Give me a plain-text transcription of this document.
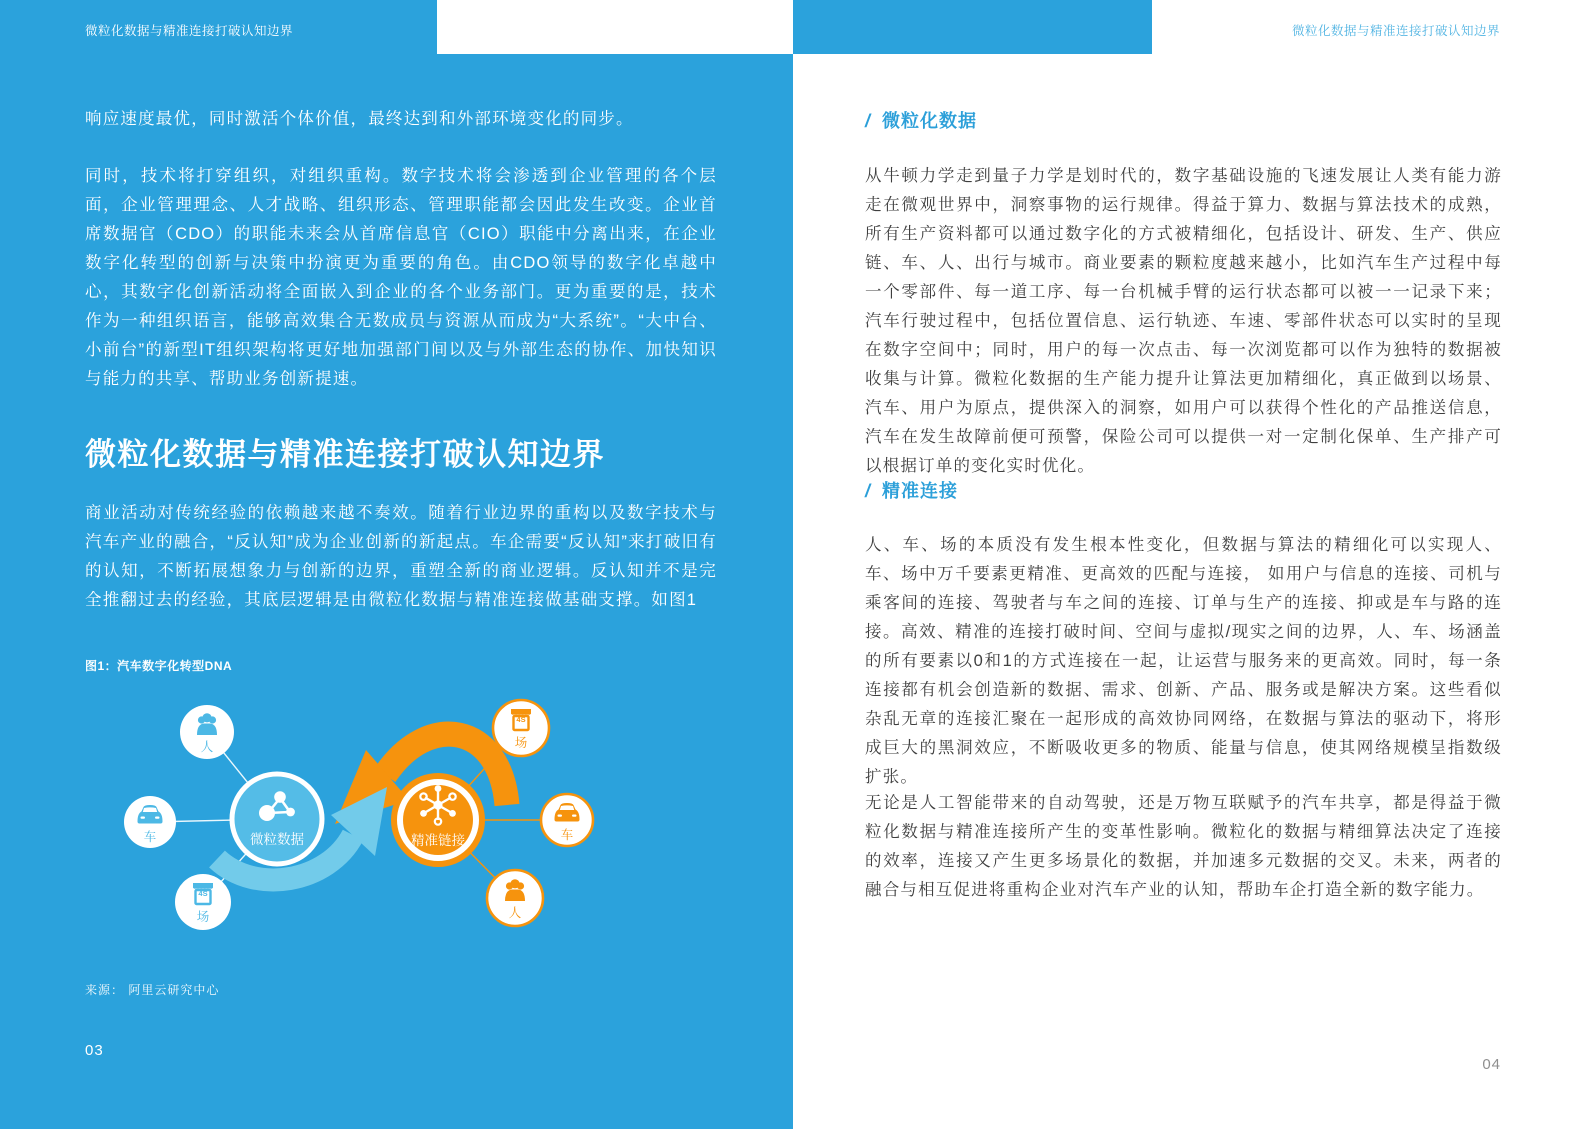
微粒化数据与精准连接打破认知边界	微粒化数据与精准连接打破认知边界

响应速度最优，同时激活个体价值，最终达到和外部环境变化的同步。

同时，技术将打穿组织，对组织重构。数字技术将会渗透到企业管理的各个层面，企业管理理念、人才战略、组织形态、管理职能都会因此发生改变。企业首席数据官（CDO）的职能未来会从首席信息官（CIO）职能中分离出来，在企业数字化转型的创新与决策中扮演更为重要的角色。由CDO领导的数字化卓越中心，其数字化创新活动将全面嵌入到企业的各个业务部门。更为重要的是，技术作为一种组织语言，能够高效集合无数成员与资源从而成为“大系统”。“大中台、小前台”的新型IT组织架构将更好地加强部门间以及与外部生态的协作、加快知识与能力的共享、帮助业务创新提速。

微粒化数据与精准连接打破认知边界

商业活动对传统经验的依赖越来越不奏效。随着行业边界的重构以及数字技术与汽车产业的融合，“反认知”成为企业创新的新起点。车企需要“反认知”来打破旧有的认知，不断拓展想象力与创新的边界，重塑全新的商业逻辑。反认知并不是完全推翻过去的经验，其底层逻辑是由微粒化数据与精准连接做基础支撑。如图1

图1：汽车数字化转型DNA
来源： 阿里云研究中心
03
人
车
4S
场
4S
场
车
人
微粒数据	精准链接
/ 微粒化数据

从牛顿力学走到量子力学是划时代的，数字基础设施的飞速发展让人类有能力游走在微观世界中，洞察事物的运行规律。得益于算力、数据与算法技术的成熟，所有生产资料都可以通过数字化的方式被精细化，包括设计、研发、生产、供应链、车、人、出行与城市。商业要素的颗粒度越来越小，比如汽车生产过程中每一个零部件、每一道工序、每一台机械手臂的运行状态都可以被一一记录下来；汽车行驶过程中，包括位置信息、运行轨迹、车速、零部件状态可以实时的呈现在数字空间中；同时，用户的每一次点击、每一次浏览都可以作为独特的数据被收集与计算。微粒化数据的生产能力提升让算法更加精细化，真正做到以场景、汽车、用户为原点，提供深入的洞察，如用户可以获得个性化的产品推送信息，汽车在发生故障前便可预警，保险公司可以提供一对一定制化保单、生产排产可以根据订单的变化实时优化。

/ 精准连接

人、车、场的本质没有发生根本性变化，但数据与算法的精细化可以实现人、车、场中万千要素更精准、更高效的匹配与连接， 如用户与信息的连接、司机与乘客间的连接、驾驶者与车之间的连接、订单与生产的连接、抑或是车与路的连接。高效、精准的连接打破时间、空间与虚拟/现实之间的边界，人、车、场涵盖的所有要素以0和1的方式连接在一起，让运营与服务来的更高效。同时，每一条连接都有机会创造新的数据、需求、创新、产品、服务或是解决方案。这些看似杂乱无章的连接汇聚在一起形成的高效协同网络，在数据与算法的驱动下，将形成巨大的黑洞效应，不断吸收更多的物质、能量与信息，使其网络规模呈指数级扩张。

无论是人工智能带来的自动驾驶，还是万物互联赋予的汽车共享，都是得益于微粒化数据与精准连接所产生的变革性影响。微粒化的数据与精细算法决定了连接的效率，连接又产生更多场景化的数据，并加速多元数据的交叉。未来，两者的融合与相互促进将重构企业对汽车产业的认知，帮助车企打造全新的数字能力。

04
